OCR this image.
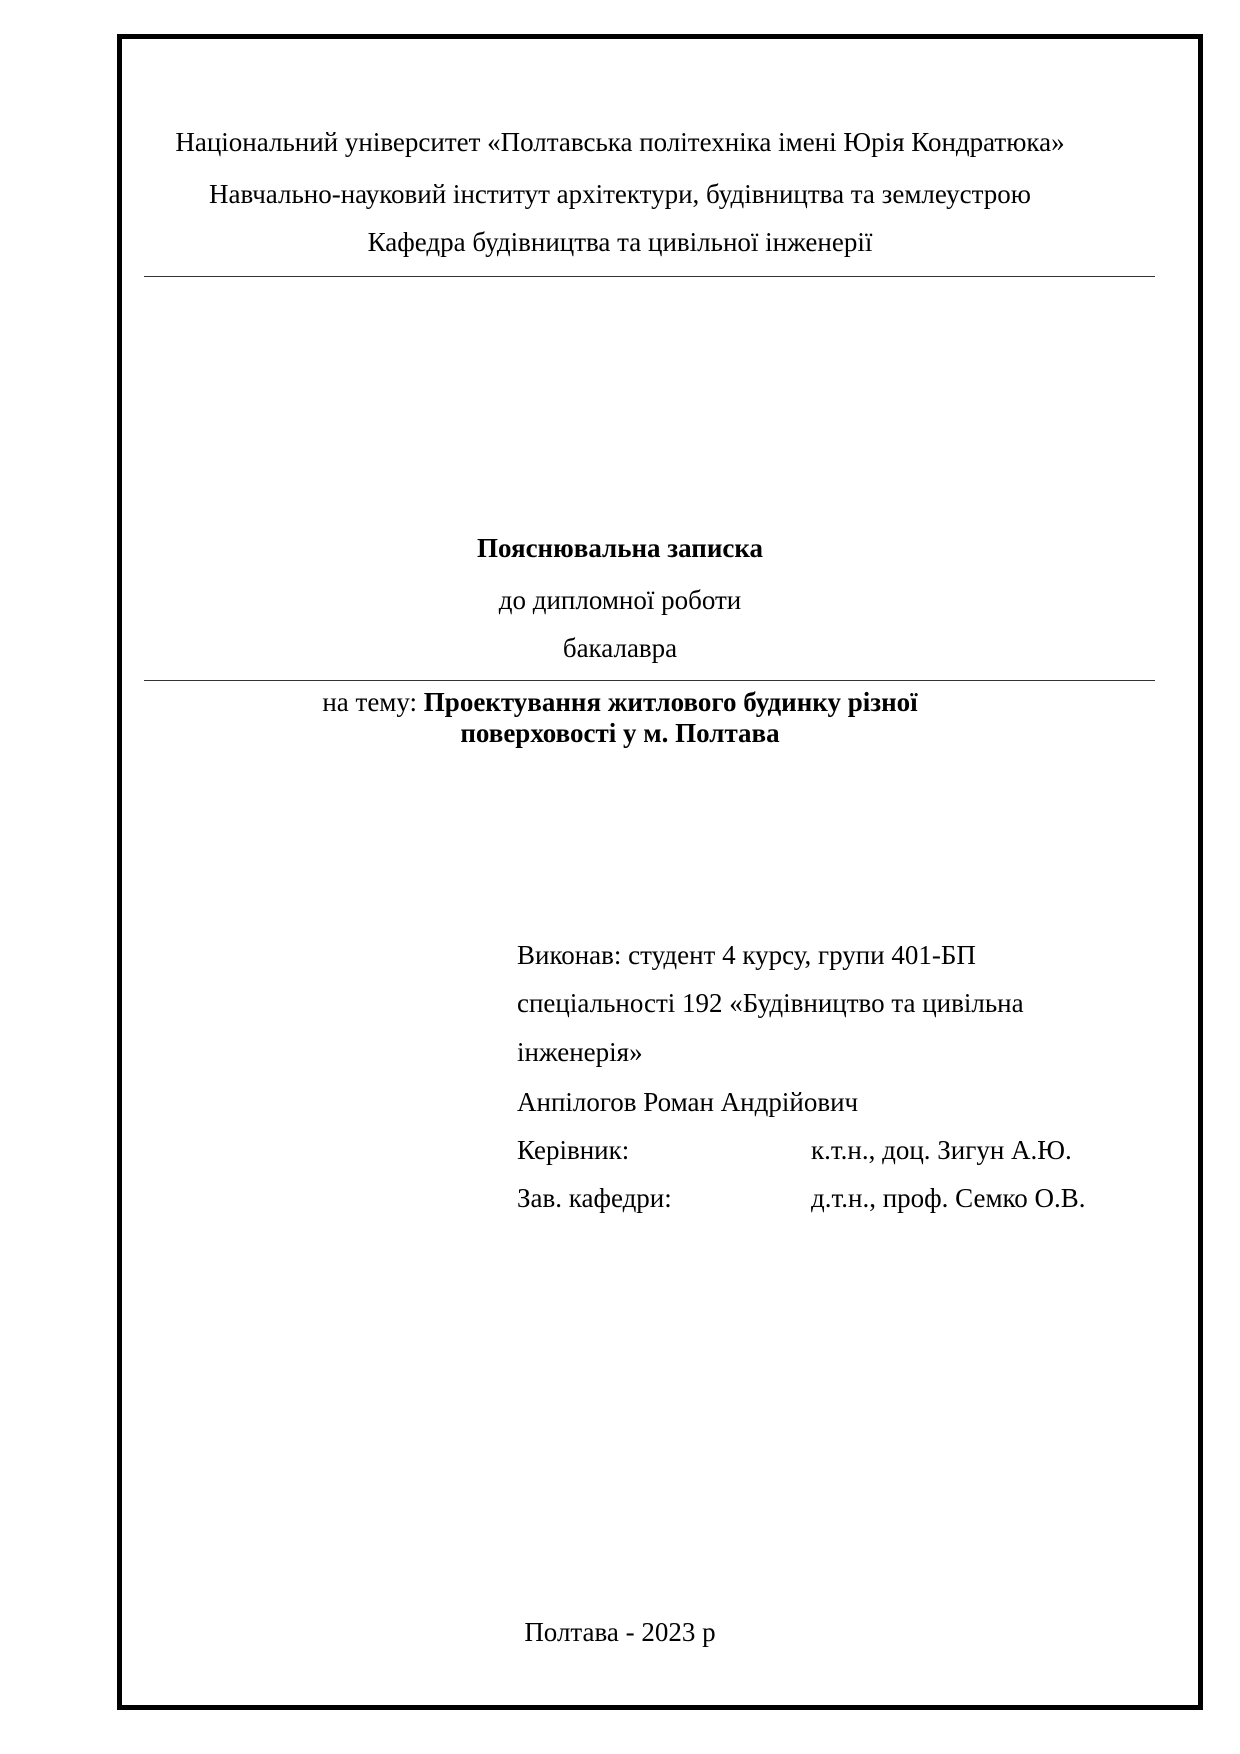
Національний університет «Полтавська політехніка імені Юрія Кондратюка»
Навчально-науковий інститут архітектури, будівництва та землеустрою
Кафедра будівництва та цивільної інженерії
Пояснювальна записка
до дипломної роботи
бакалавра
на тему: Проектування житлового будинку різної
поверховості у м. Полтава
Виконав: студент 4 курсу, групи 401-БП
спеціальності 192 «Будівництво та цивільна
інженерія»
Анпілогов Роман Андрійович
Керівник:	к.т.н., доц. Зигун А.Ю.
Зав. кафедри:	д.т.н., проф. Семко О.В.
Полтава - 2023 р
